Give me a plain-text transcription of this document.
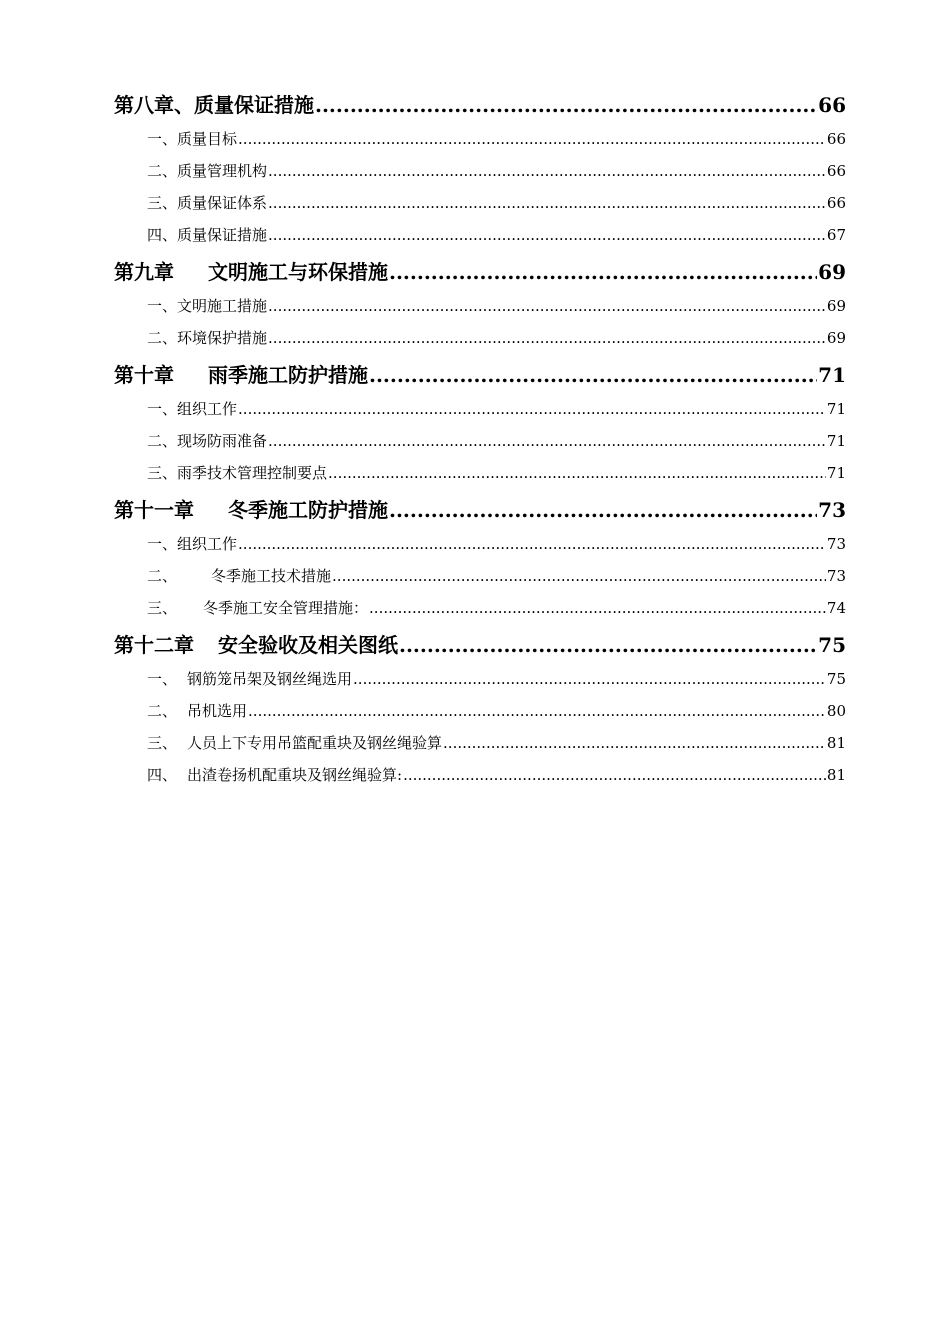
第八章、质量保证措施 .....	66
一、质量目标 .....	66
二、质量管理机构 .....	66
三、质量保证体系 .....	66
四、质量保证措施 .....	67
第九章 文明施工与环保措施 .....	69
一、文明施工措施 .....	69
二、环境保护措施 .....	69
第十章 雨季施工防护措施 .....	71
一、组织工作 .....	71
二、现场防雨准备 .....	71
三、雨季技术管理控制要点 .....	71
第十一章 冬季施工防护措施 .....	73
一、组织工作 .....	73
二、 冬季施工技术措施 .....	73
三、 冬季施工安全管理措施： .....	74
第十二章 安全验收及相关图纸 .....	75
一、 钢筋笼吊架及钢丝绳选用 .....	75
二、 吊机选用 .....	80
三、 人员上下专用吊篮配重块及钢丝绳验算 .....	81
四、 出渣卷扬机配重块及钢丝绳验算: .....	81
